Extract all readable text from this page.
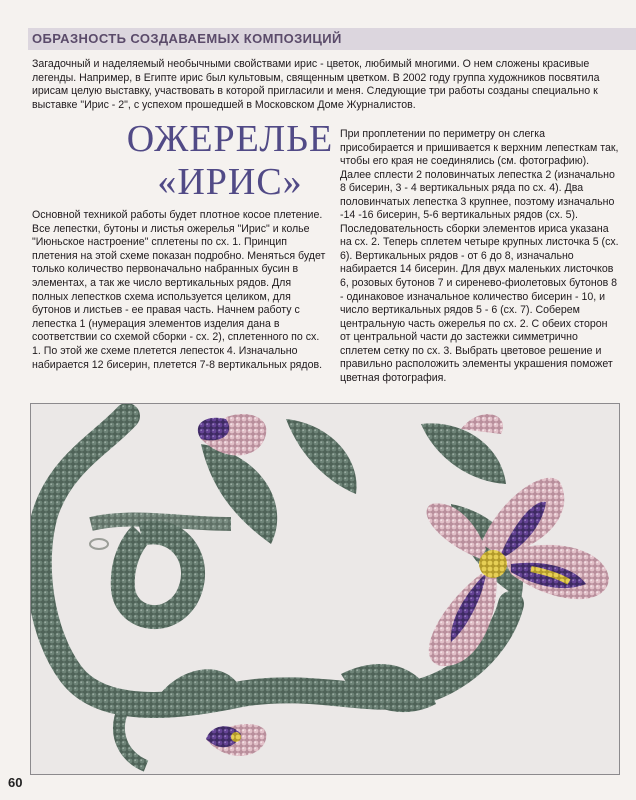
ОБРАЗНОСТЬ СОЗДАВАЕМЫХ КОМПОЗИЦИЙ
Загадочный и наделяемый необычными свойствами ирис - цветок, любимый многими. О нем сложены красивые легенды. Например, в Египте ирис был культовым, священным цветком. В 2002 году группа художников посвятила ирисам целую выставку, участвовать в которой пригласили и меня. Следующие три работы созданы специально к выставке "Ирис - 2", с успехом прошедшей в Московском Доме Журналистов.
ОЖЕРЕЛЬЕ
«ИРИС»
Основной техникой работы будет плотное косое плетение. Все лепестки, бутоны и листья ожерелья "Ирис" и колье "Июньское настроение" сплетены по сх. 1. Принцип плетения на этой схеме показан подробно. Меняться будет только количество первоначально набранных бусин в элементах, а так же число вертикальных рядов. Для полных лепестков схема используется целиком, для бутонов и листьев - ее правая часть. Начнем работу с лепестка 1 (нумерация элементов изделия дана в соответствии со схемой сборки - сх. 2), сплетенного по сх. 1. По этой же схеме плетется лепесток 4. Изначально набирается 12 бисерин, плетется 7-8 вертикальных рядов.
При проплетении по периметру он слегка присобирается и пришивается к верхним лепесткам так, чтобы его края не соединялись (см. фотографию). Далее сплести 2 половинчатых лепестка 2 (изначально 8 бисерин, 3 - 4 вертикальных ряда по сх. 4). Два половинчатых лепестка 3 крупнее, поэтому изначально -14 -16 бисерин, 5-6 вертикальных рядов (сх. 5). Последовательность сборки элементов ириса указана на сх. 2. Теперь сплетем четыре крупных листочка 5 (сх. 6). Вертикальных рядов - от 6 до 8, изначально набирается 14 бисерин. Для двух маленьких листочков 6, розовых бутонов 7 и сиренево-фиолетовых бутонов 8 - одинаковое изначальное количество бисерин - 10, и число вертикальных рядов 5 - 6 (сх. 7). Соберем центральную часть ожерелья по сх. 2. С обеих сторон от центральной части до застежки симметрично сплетем сетку по сх. 3. Выбрать цветовое решение и правильно расположить элементы украшения поможет цветная фотография.
60
